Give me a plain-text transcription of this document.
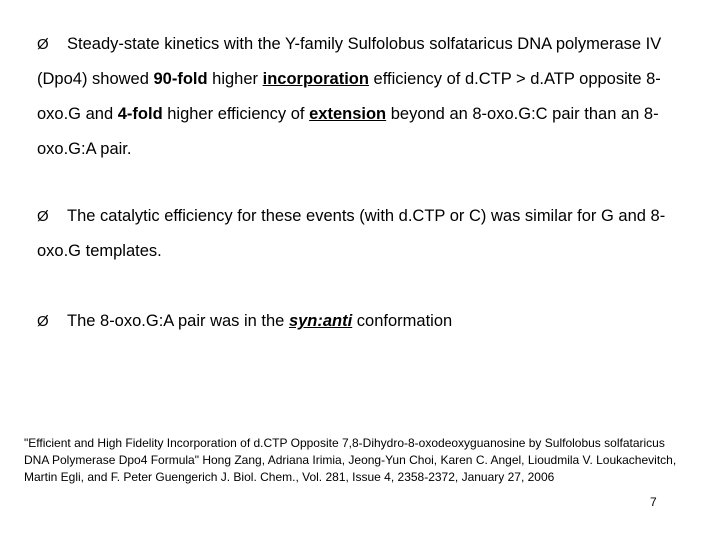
Ø Steady-state kinetics with the Y-family Sulfolobus solfataricus DNA polymerase IV (Dpo4) showed 90-fold higher incorporation efficiency of d.CTP > d.ATP opposite 8-oxo.G and 4-fold higher efficiency of extension beyond an 8-oxo.G:C pair than an 8-oxo.G:A pair.
Ø The catalytic efficiency for these events (with d.CTP or C) was similar for G and 8-oxo.G templates.
Ø The 8-oxo.G:A pair was in the syn:anti conformation
"Efficient and High Fidelity Incorporation of d.CTP Opposite 7,8-Dihydro-8-oxodeoxyguanosine by Sulfolobus solfataricus DNA Polymerase Dpo4 Formula" Hong Zang, Adriana Irimia, Jeong-Yun Choi, Karen C. Angel, Lioudmila V. Loukachevitch, Martin Egli, and F. Peter Guengerich J. Biol. Chem., Vol. 281, Issue 4, 2358-2372, January 27, 2006
7
